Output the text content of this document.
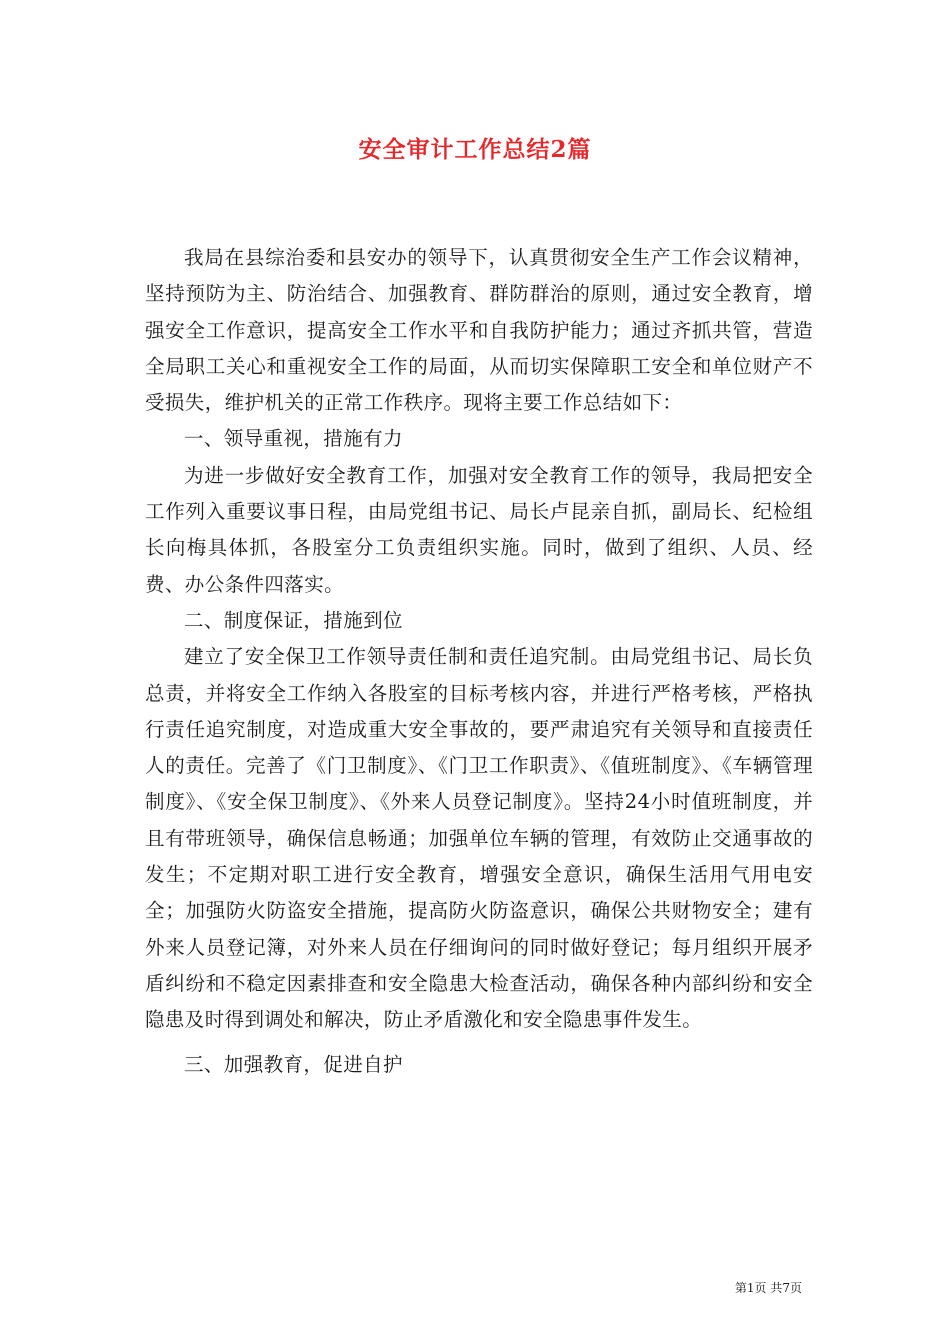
安全审计工作总结2篇

我局在县综治委和县安办的领导下，认真贯彻安全生产工作会议精神，坚持预防为主、防治结合、加强教育、群防群治的原则，通过安全教育，增强安全工作意识，提高安全工作水平和自我防护能力；通过齐抓共管，营造全局职工关心和重视安全工作的局面，从而切实保障职工安全和单位财产不受损失，维护机关的正常工作秩序。现将主要工作总结如下：

一、领导重视，措施有力

为进一步做好安全教育工作，加强对安全教育工作的领导，我局把安全工作列入重要议事日程，由局党组书记、局长卢昆亲自抓，副局长、纪检组长向梅具体抓，各股室分工负责组织实施。同时，做到了组织、人员、经费、办公条件四落实。

二、制度保证，措施到位

建立了安全保卫工作领导责任制和责任追究制。由局党组书记、局长负总责，并将安全工作纳入各股室的目标考核内容，并进行严格考核，严格执行责任追究制度，对造成重大安全事故的，要严肃追究有关领导和直接责任人的责任。完善了《门卫制度》、《门卫工作职责》、《值班制度》、《车辆管理制度》、《安全保卫制度》、《外来人员登记制度》。坚持24小时值班制度，并且有带班领导，确保信息畅通；加强单位车辆的管理，有效防止交通事故的发生；不定期对职工进行安全教育，增强安全意识，确保生活用气用电安全；加强防火防盗安全措施，提高防火防盗意识，确保公共财物安全；建有外来人员登记簿，对外来人员在仔细询问的同时做好登记；每月组织开展矛盾纠纷和不稳定因素排查和安全隐患大检查活动，确保各种内部纠纷和安全隐患及时得到调处和解决，防止矛盾激化和安全隐患事件发生。

三、加强教育，促进自护

第1页 共7页
